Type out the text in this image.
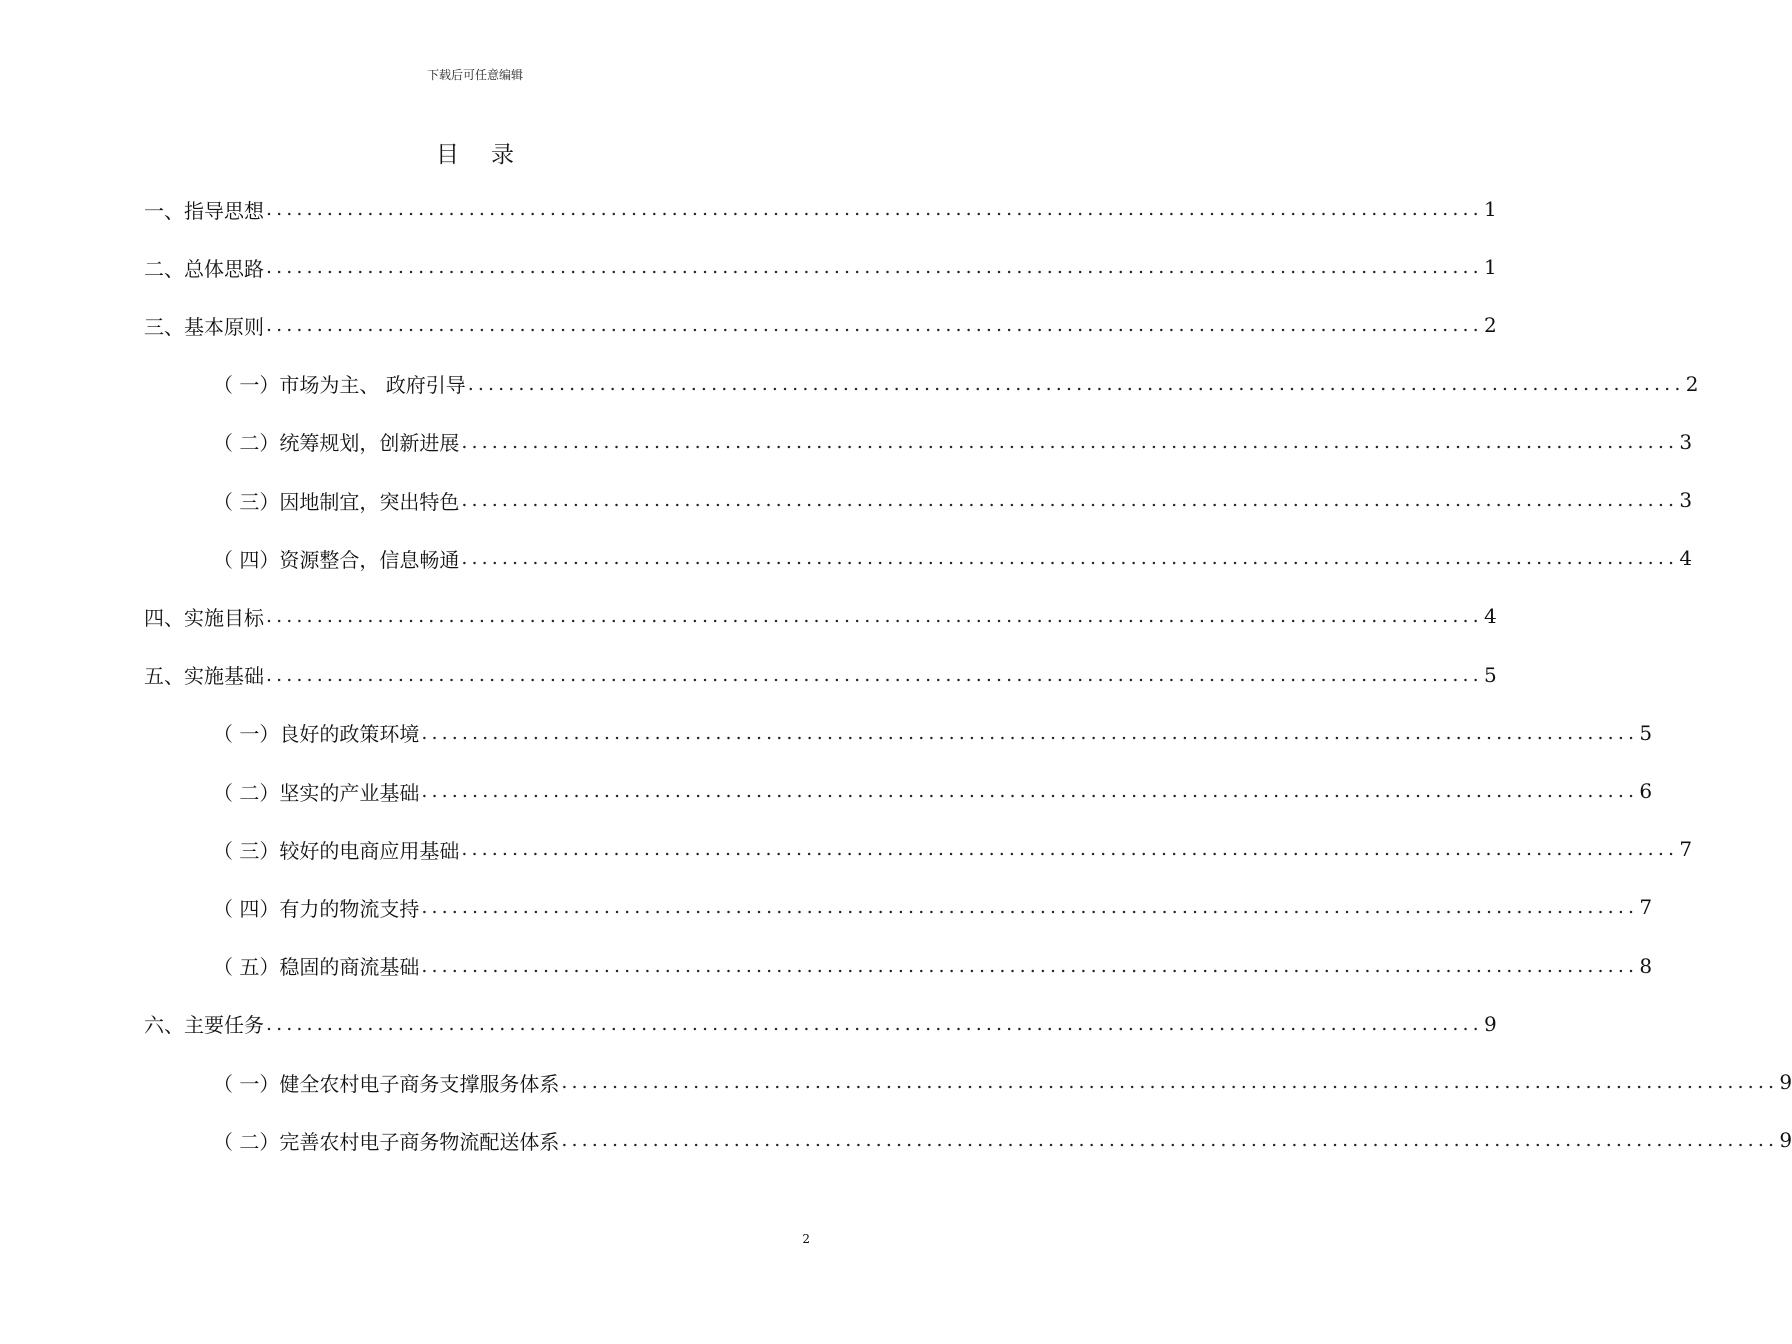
下载后可任意编辑
目 录
一、 指导思想 ........................................................................................................................ 1
二、 总体思路 ........................................................................................................................ 1
三、 基本原则 ........................................................................................................................ 2
（ 一） 市场为主、 政府引导 ........................................................................................................................ 2
（ 二） 统筹规划，创新进展 ........................................................................................................................ 3
（ 三） 因地制宜，突出特色 ........................................................................................................................ 3
（ 四） 资源整合，信息畅通 ........................................................................................................................ 4
四、 实施目标 ........................................................................................................................ 4
五、 实施基础 ........................................................................................................................ 5
（ 一） 良好的政策环境 ........................................................................................................................ 5
（ 二） 坚实的产业基础 ........................................................................................................................ 6
（ 三） 较好的电商应用基础 ........................................................................................................................ 7
（ 四） 有力的物流支持 ........................................................................................................................ 7
（ 五） 稳固的商流基础 ........................................................................................................................ 8
六、 主要任务 ........................................................................................................................ 9
（ 一） 健全农村电子商务支撑服务体系 ........................................................................................................................ 9
（ 二） 完善农村电子商务物流配送体系 ........................................................................................................................ 9
2
